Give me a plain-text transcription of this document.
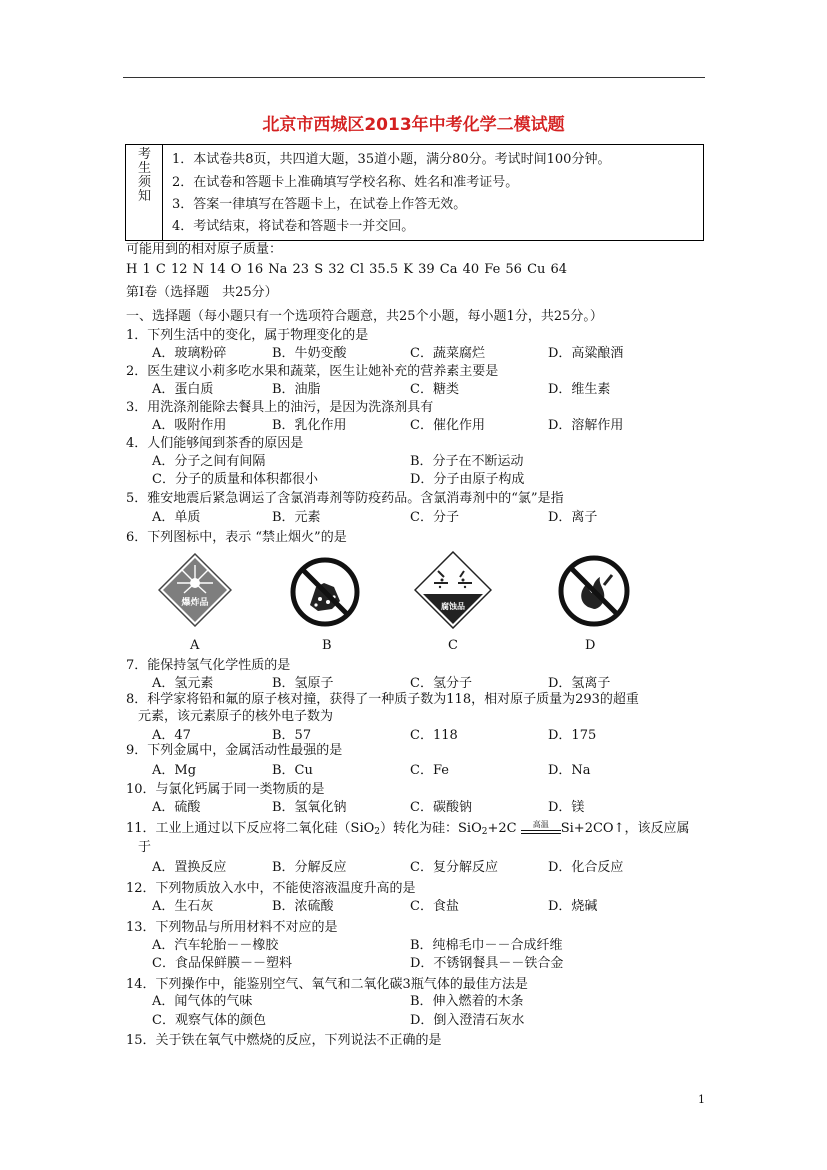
北京市西城区2013年中考化学二模试题
考
生
须
知
1．本试卷共8页，共四道大题，35道小题，满分80分。考试时间100分钟。
2．在试卷和答题卡上准确填写学校名称、姓名和准考证号。
3．答案一律填写在答题卡上，在试卷上作答无效。
4．考试结束，将试卷和答题卡一并交回。
可能用到的相对原子质量：
H 1 C 12 N 14 O 16 Na 23 S 32 Cl 35.5 K 39 Ca 40 Fe 56 Cu 64
第Ⅰ卷（选择题　共25分）
一、选择题（每小题只有一个选项符合题意，共25个小题，每小题1分，共25分。）
1．下列生活中的变化，属于物理变化的是
A．玻璃粉碎	B．牛奶变酸	C．蔬菜腐烂	D．高粱酿酒
2．医生建议小莉多吃水果和蔬菜，医生让她补充的营养素主要是
A．蛋白质	B．油脂	C．糖类	D．维生素
3．用洗涤剂能除去餐具上的油污，是因为洗涤剂具有
A．吸附作用	B．乳化作用	C．催化作用	D．溶解作用
4．人们能够闻到茶香的原因是
A．分子之间有间隔	B．分子在不断运动
C．分子的质量和体积都很小	D．分子由原子构成
5．雅安地震后紧急调运了含氯消毒剂等防疫药品。含氯消毒剂中的“氯”是指
A．单质	B．元素	C．分子	D．离子
6．下列图标中，表示 “禁止烟火”的是
爆炸品	腐蚀品
A	B	C	D
7．能保持氢气化学性质的是
A．氢元素	B．氢原子	C．氢分子	D．氢离子
8．科学家将铅和氟的原子核对撞，获得了一种质子数为118，相对原子质量为293的超重
元素，该元素原子的核外电子数为
A．47	B．57	C．118	D．175
9．下列金属中，金属活动性最强的是
A．Mg	B．Cu	C．Fe	D．Na
10．与氯化钙属于同一类物质的是
A．硫酸	B．氢氧化钠	C．碳酸钠	D．镁
11．工业上通过以下反应将二氧化硅（SiO$_2$）转化为硅：SiO$_2$+2C	高温 Si+2CO↑，该反应属
于
A．置换反应	B．分解反应	C．复分解反应	D．化合反应
12．下列物质放入水中，不能使溶液温度升高的是
A．生石灰	B．浓硫酸	C．食盐	D．烧碱
13．下列物品与所用材料不对应的是
A．汽车轮胎－－橡胶	B．纯棉毛巾－－合成纤维
C．食品保鲜膜－－塑料	D．不锈钢餐具－－铁合金
14．下列操作中，能鉴别空气、氧气和二氧化碳3瓶气体的最佳方法是
A．闻气体的气味	B．伸入燃着的木条
C．观察气体的颜色	D．倒入澄清石灰水
15．关于铁在氧气中燃烧的反应，下列说法不正确的是
1
